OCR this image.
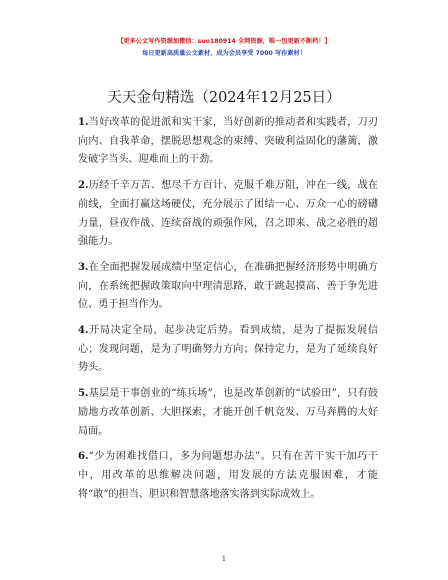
【更多公文写作资源加微信：suo180914 全网资源，唯一包更新不断档！】
每日更新高质量公文素材，成为会员享受 7000 写作素材！
天天金句精选（2024年12月25日）

1.当好改革的促进派和实干家，当好创新的推动者和实践者，刀刃向内、自我革命，摆脱思想观念的束缚、突破利益固化的藩篱，激发破字当头、迎难而上的干劲。

2.历经千辛万苦、想尽千方百计、克服千难万阻，冲在一线，战在前线，全面打赢这场硬仗，充分展示了团结一心、万众一心的磅礴力量，昼夜作战、连续奋战的顽强作风，召之即来、战之必胜的超强能力。

3.在全面把握发展成绩中坚定信心，在准确把握经济形势中明确方向，在系统把握政策取向中理清思路，敢于跳起摸高、善于争先进位、勇于担当作为。

4.开局决定全局，起步决定后势。看到成绩，是为了提振发展信心；发现问题，是为了明确努力方向；保持定力，是为了延续良好势头。

5.基层是干事创业的“练兵场”，也是改革创新的“试验田”，只有鼓励地方改革创新、大胆探索，才能开创千帆竞发、万马奔腾的大好局面。

6.“少为困难找借口，多为问题想办法”。只有在苦干实干加巧干中，用改革的思维解决问题，用发展的方法克服困难，才能将“敢”的担当、胆识和智慧落地落实落到实际成效上。

1
